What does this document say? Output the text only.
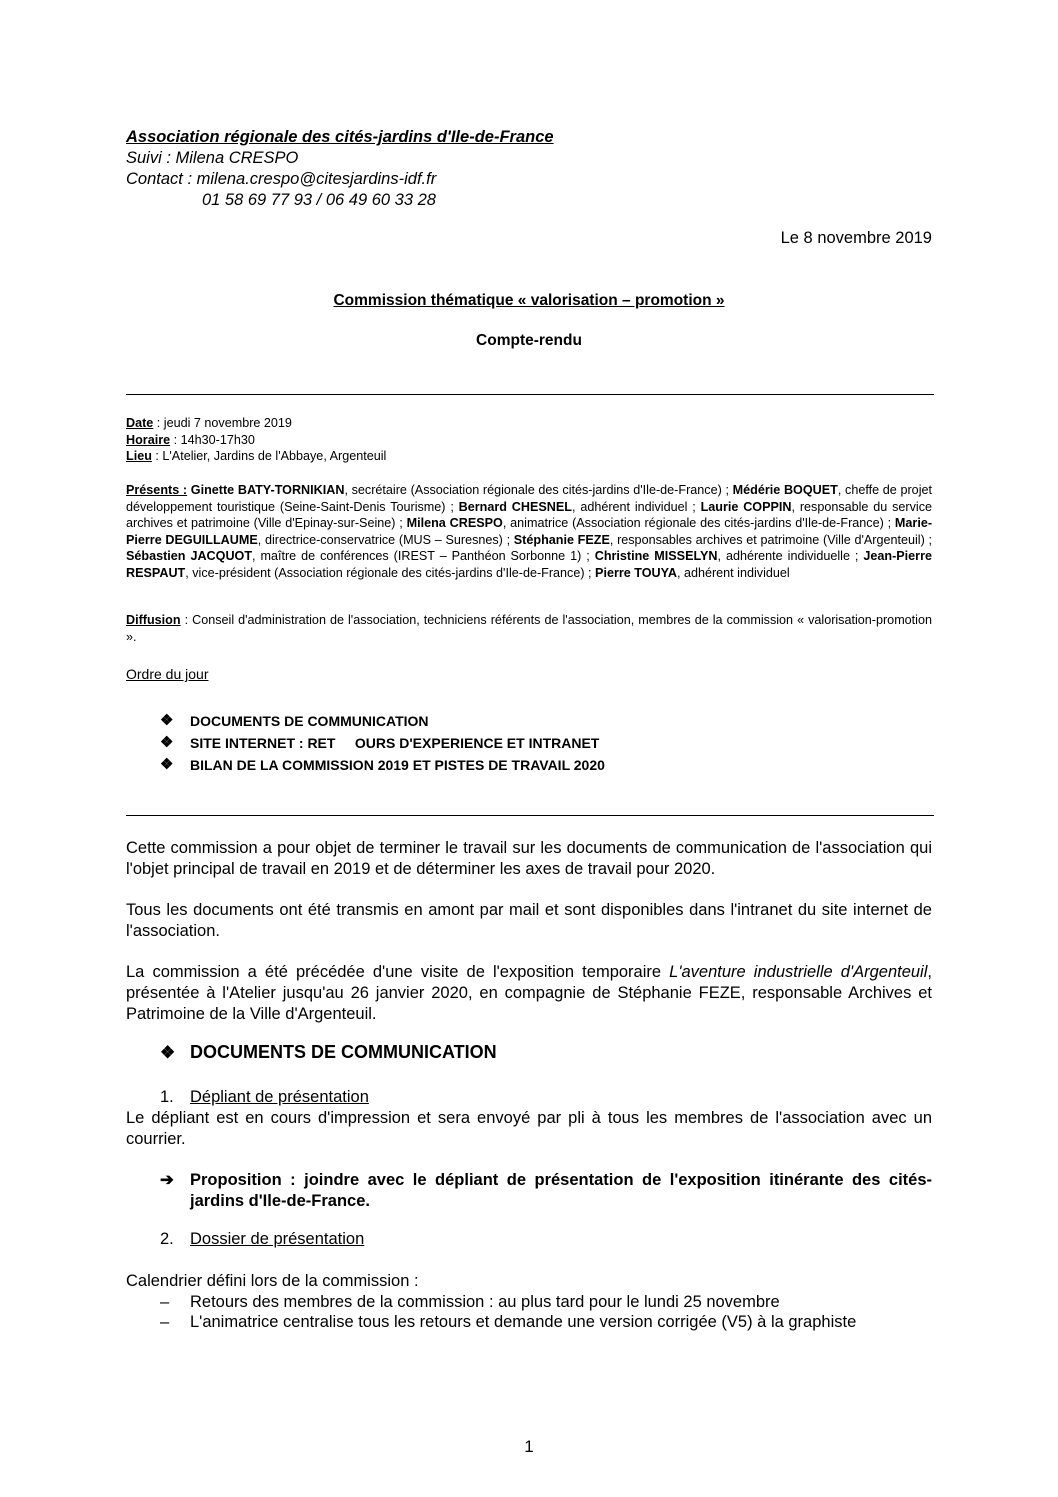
Association régionale des cités-jardins d'Ile-de-France
Suivi : Milena CRESPO
Contact : milena.crespo@citesjardins-idf.fr
01 58 69 77 93 / 06 49 60 33 28
Le 8 novembre 2019
Commission thématique « valorisation – promotion »
Compte-rendu
Date : jeudi 7 novembre 2019
Horaire : 14h30-17h30
Lieu : L'Atelier, Jardins de l'Abbaye, Argenteuil
Présents : Ginette BATY-TORNIKIAN, secrétaire (Association régionale des cités-jardins d'Ile-de-France) ; Médérie BOQUET, cheffe de projet développement touristique (Seine-Saint-Denis Tourisme) ; Bernard CHESNEL, adhérent individuel ; Laurie COPPIN, responsable du service archives et patrimoine (Ville d'Epinay-sur-Seine) ; Milena CRESPO, animatrice (Association régionale des cités-jardins d'Ile-de-France) ; Marie-Pierre DEGUILLAUME, directrice-conservatrice (MUS – Suresnes) ; Stéphanie FEZE, responsables archives et patrimoine (Ville d'Argenteuil) ; Sébastien JACQUOT, maître de conférences (IREST – Panthéon Sorbonne 1) ; Christine MISSELYN, adhérente individuelle ; Jean-Pierre RESPAUT, vice-président (Association régionale des cités-jardins d'Ile-de-France) ; Pierre TOUYA, adhérent individuel
Diffusion : Conseil d'administration de l'association, techniciens référents de l'association, membres de la commission « valorisation-promotion ».
Ordre du jour
❖	DOCUMENTS DE COMMUNICATION
❖	SITE INTERNET : RET     OURS D'EXPERIENCE ET INTRANET
❖	BILAN DE LA COMMISSION 2019 ET PISTES DE TRAVAIL 2020
Cette commission a pour objet de terminer le travail sur les documents de communication de l'association qui l'objet principal de travail en 2019 et de déterminer les axes de travail pour 2020.
Tous les documents ont été transmis en amont par mail et sont disponibles dans l'intranet du site internet de l'association.
La commission a été précédée d'une visite de l'exposition temporaire L'aventure industrielle d'Argenteuil, présentée à l'Atelier jusqu'au 26 janvier 2020, en compagnie de Stéphanie FEZE, responsable Archives et Patrimoine de la Ville d'Argenteuil.
❖ DOCUMENTS DE COMMUNICATION
1. Dépliant de présentation
Le dépliant est en cours d'impression et sera envoyé par pli à tous les membres de l'association avec un courrier.
➔ Proposition : joindre avec le dépliant de présentation de l'exposition itinérante des cités-jardins d'Ile-de-France.
2. Dossier de présentation
Calendrier défini lors de la commission :
–	Retours des membres de la commission : au plus tard pour le lundi 25 novembre
–	L'animatrice centralise tous les retours et demande une version corrigée (V5) à la graphiste
1
